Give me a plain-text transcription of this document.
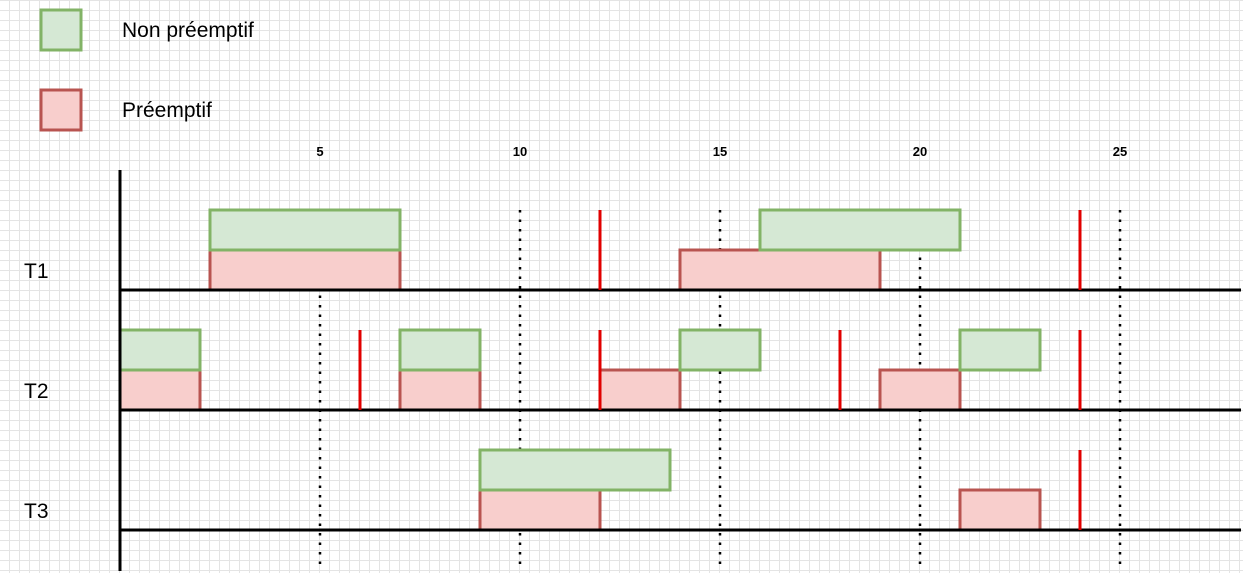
Non préemptif
Préemptif
5	10	15	20	25
T1
T2
T3
